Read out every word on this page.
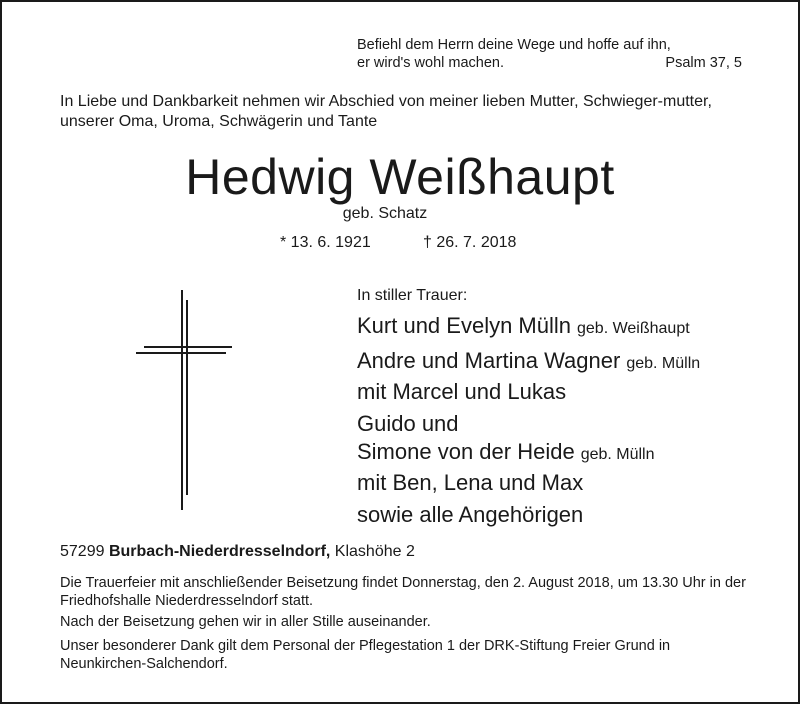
Befiehl dem Herrn deine Wege und hoffe auf ihn,
er wird's wohl machen.	Psalm 37, 5
In Liebe und Dankbarkeit nehmen wir Abschied von meiner lieben Mutter, Schwieger-mutter, unserer Oma, Uroma, Schwägerin und Tante
Hedwig Weißhaupt
geb. Schatz
* 13. 6. 1921	† 26. 7. 2018
In stiller Trauer:
Kurt und Evelyn Mülln geb. Weißhaupt
Andre und Martina Wagner geb. Mülln
mit Marcel und Lukas
Guido und
Simone von der Heide geb. Mülln
mit Ben, Lena und Max
sowie alle Angehörigen
57299 Burbach-Niederdresselndorf, Klashöhe 2
Die Trauerfeier mit anschließender Beisetzung findet Donnerstag, den 2. August 2018, um 13.30 Uhr in der Friedhofshalle Niederdresselndorf statt.
Nach der Beisetzung gehen wir in aller Stille auseinander.
Unser besonderer Dank gilt dem Personal der Pflegestation 1 der DRK-Stiftung Freier Grund in Neunkirchen-Salchendorf.
